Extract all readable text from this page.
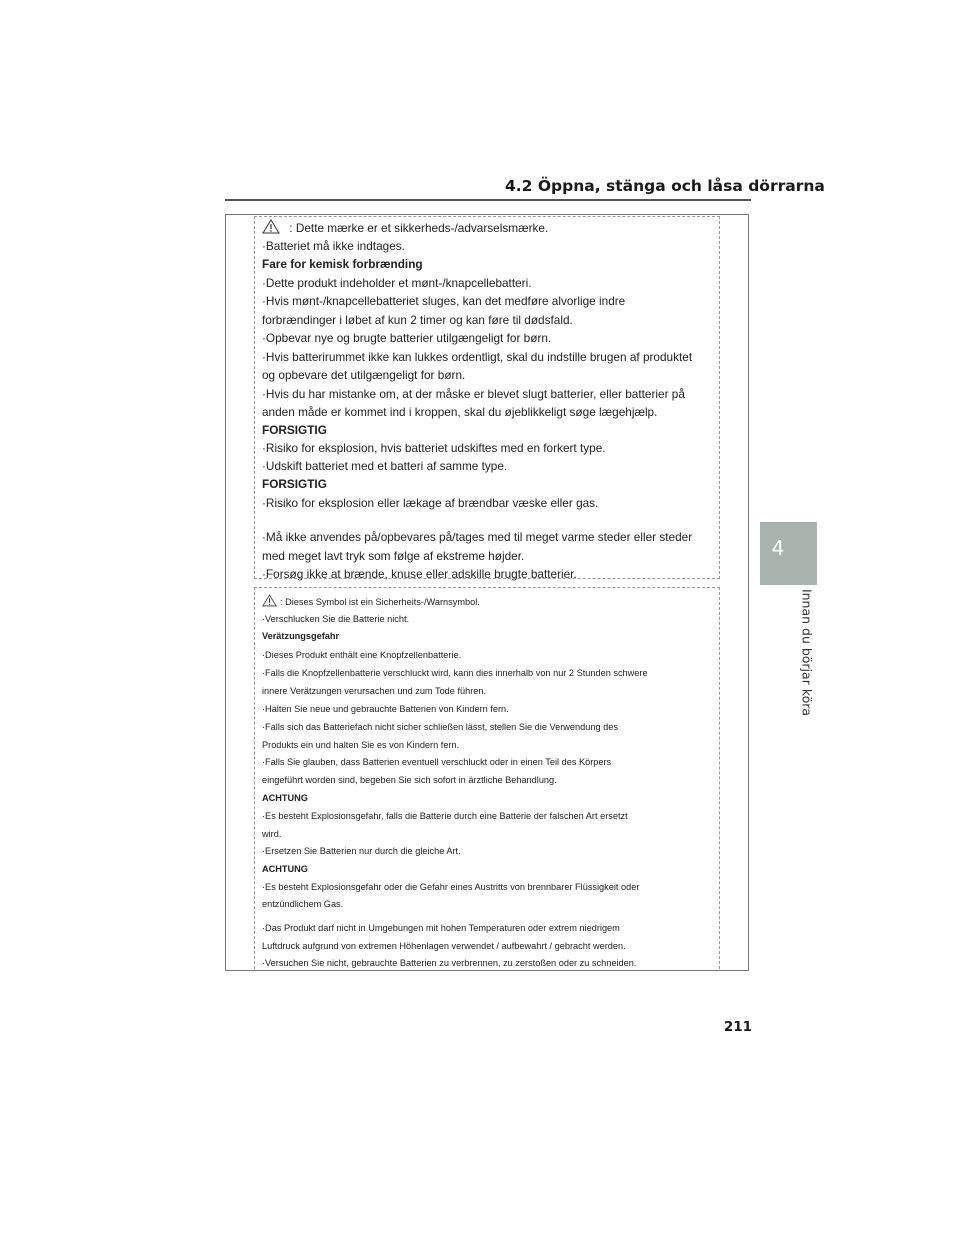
4.2 Öppna, stänga och låsa dörrarna
4
Innan du börjar köra
: Dette mærke er et sikkerheds-/advarselsmærke.
·Batteriet må ikke indtages.
Fare for kemisk forbrænding
·Dette produkt indeholder et mønt-/knapcellebatteri.
·Hvis mønt-/knapcellebatteriet sluges, kan det medføre alvorlige indre
forbrændinger i løbet af kun 2 timer og kan føre til dødsfald.
·Opbevar nye og brugte batterier utilgængeligt for børn.
·Hvis batterirummet ikke kan lukkes ordentligt, skal du indstille brugen af produktet
og opbevare det utilgængeligt for børn.
·Hvis du har mistanke om, at der måske er blevet slugt batterier, eller batterier på
anden måde er kommet ind i kroppen, skal du øjeblikkeligt søge lægehjælp.
FORSIGTIG
·Risiko for eksplosion, hvis batteriet udskiftes med en forkert type.
·Udskift batteriet med et batteri af samme type.
FORSIGTIG
·Risiko for eksplosion eller lækage af brændbar væske eller gas.
·Må ikke anvendes på/opbevares på/tages med til meget varme steder eller steder
med meget lavt tryk som følge af ekstreme højder.
·Forsøg ikke at brænde, knuse eller adskille brugte batterier.
: Dieses Symbol ist ein Sicherheits-/Warnsymbol.
·Verschlucken Sie die Batterie nicht.
Verätzungsgefahr
·Dieses Produkt enthält eine Knopfzellenbatterie.
·Falls die Knopfzellenbatterie verschluckt wird, kann dies innerhalb von nur 2 Stunden schwere
innere Verätzungen verursachen und zum Tode führen.
·Halten Sie neue und gebrauchte Batterien von Kindern fern.
·Falls sich das Batteriefach nicht sicher schließen lässt, stellen Sie die Verwendung des
Produkts ein und halten Sie es von Kindern fern.
·Falls Sie glauben, dass Batterien eventuell verschluckt oder in einen Teil des Körpers
eingeführt worden sind, begeben Sie sich sofort in ärztliche Behandlung.
ACHTUNG
·Es besteht Explosionsgefahr, falls die Batterie durch eine Batterie der falschen Art ersetzt
wird.
·Ersetzen Sie Batterien nur durch die gleiche Art.
ACHTUNG
·Es besteht Explosionsgefahr oder die Gefahr eines Austritts von brennbarer Flüssigkeit oder
entzündlichem Gas.
·Das Produkt darf nicht in Umgebungen mit hohen Temperaturen oder extrem niedrigem
Luftdruck aufgrund von extremen Höhenlagen verwendet / aufbewahrt / gebracht werden.
·Versuchen Sie nicht, gebrauchte Batterien zu verbrennen, zu zerstoßen oder zu schneiden.
211
